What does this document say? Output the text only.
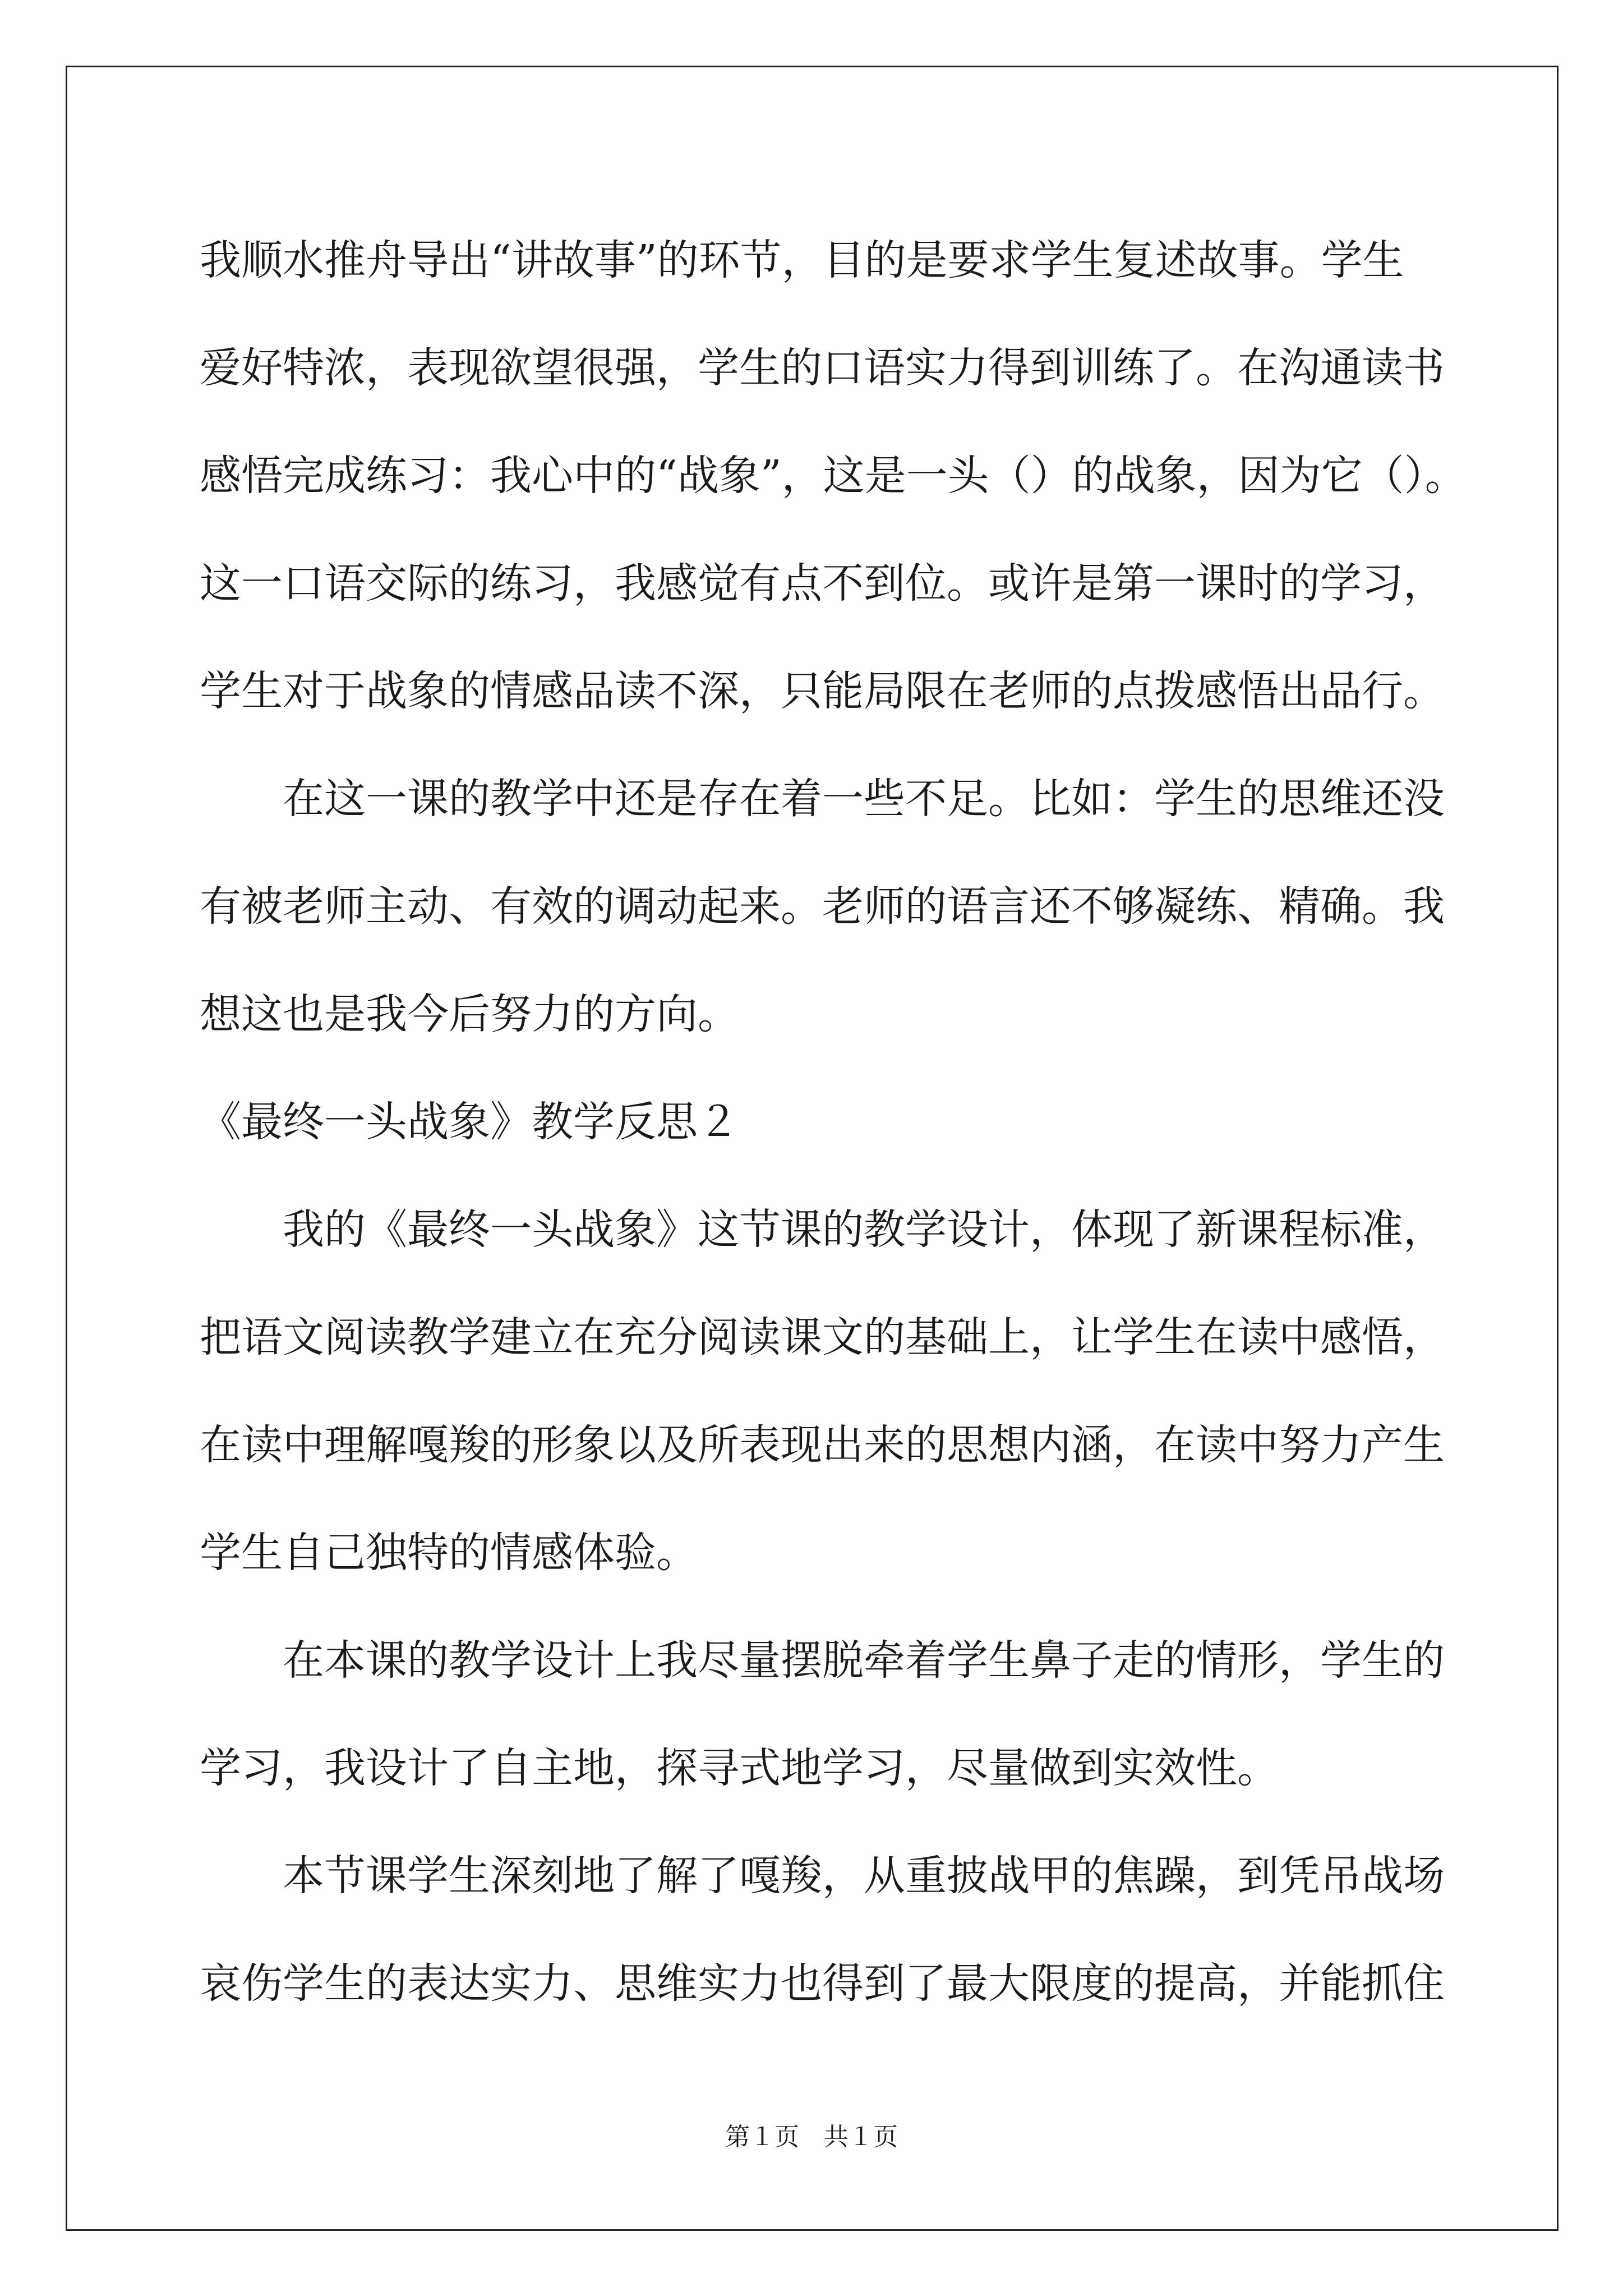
我顺水推舟导出“讲故事”的环节，目的是要求学生复述故事。学生
爱好特浓，表现欲望很强，学生的口语实力得到训练了。在沟通读书
感悟完成练习：我心中的“战象”，这是一头（）的战象，因为它（）。
这一口语交际的练习，我感觉有点不到位。或许是第一课时的学习，
学生对于战象的情感品读不深，只能局限在老师的点拨感悟出品行。
　　在这一课的教学中还是存在着一些不足。比如：学生的思维还没
有被老师主动、有效的调动起来。老师的语言还不够凝练、精确。我
想这也是我今后努力的方向。
《最终一头战象》教学反思２
　　我的《最终一头战象》这节课的教学设计，体现了新课程标准，
把语文阅读教学建立在充分阅读课文的基础上，让学生在读中感悟，
在读中理解嘎羧的形象以及所表现出来的思想内涵，在读中努力产生
学生自己独特的情感体验。
　　在本课的教学设计上我尽量摆脱牵着学生鼻子走的情形，学生的
学习，我设计了自主地，探寻式地学习，尽量做到实效性。
　　本节课学生深刻地了解了嘎羧，从重披战甲的焦躁，到凭吊战场
哀伤学生的表达实力、思维实力也得到了最大限度的提高，并能抓住
第１页　共１页
